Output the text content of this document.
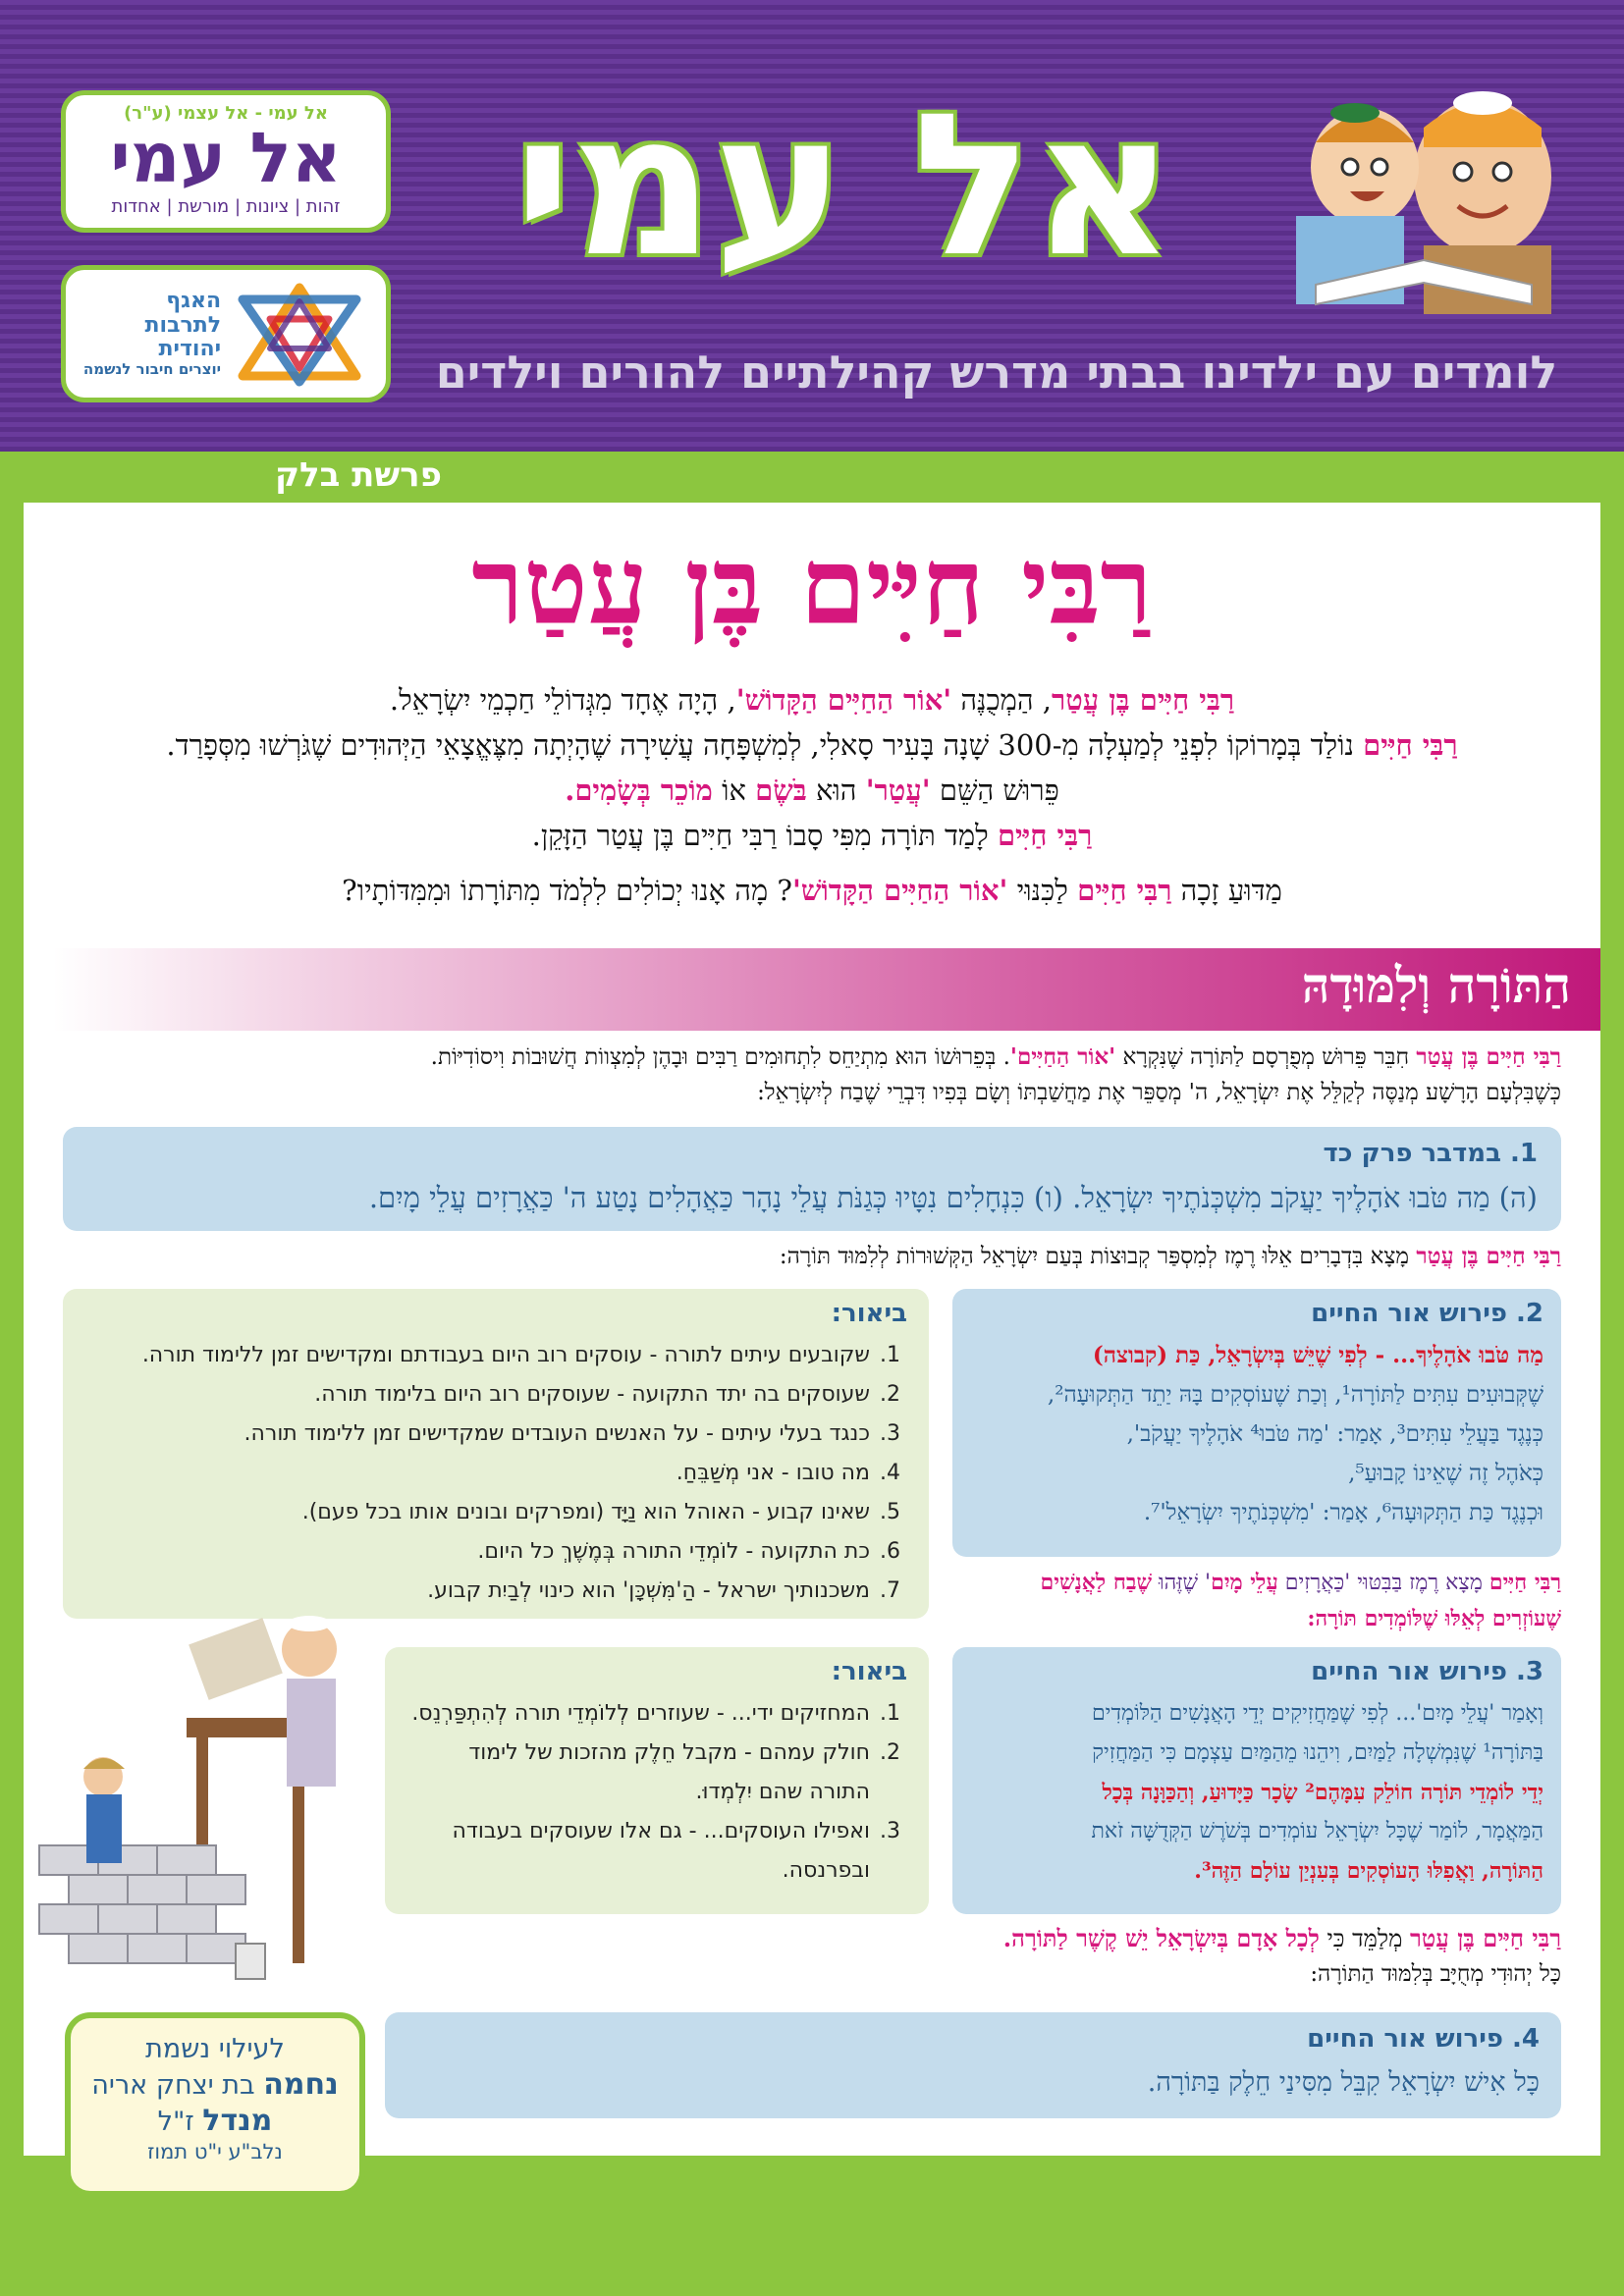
אל עמי - אל עצמי (ע"ר)
אל עמי
זהות | ציונות | מורשת | אחדות
האגף
לתרבות
יהודית
יוצרים חיבור לנשמה
אל עמי
לומדים עם ילדינו בבתי מדרש קהילתיים להורים וילדים
פרשת בלק
רַבִּי חַיִּים בֶּן עֲטַר

רַבִּי חַיִּים בֶּן עֲטַר, הַמְכֻנֶּה 'אוֹר הַחַיִּים הַקָּדוֹשׁ', הָיָה אֶחָד מִגְּדוֹלֵי חַכְמֵי יִשְׂרָאֵל.

רַבִּי חַיִּים נוֹלַד בְּמָרוֹקוֹ לִפְנֵי לְמַעְלָה מִ-300 שָׁנָה בָּעִיר סָאלִי, לְמִשְׁפָּחָה עֲשִׁירָה שֶׁהָיְתָה מִצֶּאֱצָאֵי הַיְּהוּדִים שֶׁגֹּרְשׁוּ מִסְּפָרַד.

פֵּרוּשׁ הַשֵּׁם 'עֲטַר' הוּא בֹּשֶׂם אוֹ מוֹכֵר בְּשָׂמִים.

רַבִּי חַיִּים לָמַד תּוֹרָה מִפִּי סָבוֹ רַבִּי חַיִּים בֶּן עֲטַר הַזָּקֵן.

מַדּוּעַ זָכָה רַבִּי חַיִּים לַכִּנּוּי 'אוֹר הַחַיִּים הַקָּדוֹשׁ'? מָה אָנוּ יְכוֹלִים לִלְמֹד מִתּוֹרָתוֹ וּמִמִּדּוֹתָיו?

הַתּוֹרָה וְלִמּוּדָהּ
רַבִּי חַיִּים בֶּן עֲטַר חִבֵּר פֵּרוּשׁ מְפֻרְסָם לַתּוֹרָה שֶׁנִּקְרָא 'אוֹר הַחַיִּים'. בְּפֵרוּשׁוֹ הוּא מִתְיַחֵס לִתְחוּמִים רַבִּים וּבָהֶן לְמִצְווֹת חֲשׁוּבוֹת וִיסוֹדִיּוֹת.
כְּשֶׁבִּלְעָם הָרָשָׁע מְנַסֶּה לְקַלֵּל אֶת יִשְׂרָאֵל, ה' מְסַפֵּר אֶת מַחֲשַׁבְתּוֹ וְשָׂם בְּפִיו דִּבְרֵי שֶׁבַח לְיִשְׂרָאֵל:
1. במדבר פרק כד
(ה) מַה טֹּבוּ אֹהָלֶיךָ יַעֲקֹב מִשְׁכְּנֹתֶיךָ יִשְׂרָאֵל. (ו) כִּנְחָלִים נִטָּיוּ כְּגַנֹּת עֲלֵי נָהָר כַּאֲהָלִים נָטַע ה' כַּאֲרָזִים עֲלֵי מָיִם.
רַבִּי חַיִּים בֶּן עֲטַר מָצָא בִּדְבָרִים אֵלּוּ רֶמֶז לְמִסְפַּר קְבוּצוֹת בְּעַם יִשְׂרָאֵל הַקְּשׁוּרוֹת לְלִמּוּד תּוֹרָה:
2. פירוש אור החיים
מַה טֹּבוּ אֹהָלֶיךָ... - לְפִי שֶׁיֵּשׁ בְּיִשְׂרָאֵל, כַּת (קבוצה)
שֶׁקְּבוּעִים עִתִּים לַתּוֹרָה¹, וְכַת שֶׁעוֹסְקִים בָּהּ יַתֵד הַתְּקוּעָה²,
כְּנֶגֶד בַּעֲלֵי עִתִּים³, אָמַר: 'מַה טֹּבוּ⁴ אֹהָלֶיךָ יַעֲקֹב',
כְּאֹהֶל זֶה שֶׁאֵינוֹ קָבוּעַ⁵,
וּכְנֶגֶד כַּת הַתְּקוּעָה⁶, אָמַר: 'מִשְׁכְּנֹתֶיךָ יִשְׂרָאֵל'⁷.
ביאור:
1.
שקובעים עיתים לתורה - עוסקים רוב היום בעבודתם ומקדישים זמן ללימוד תורה.
2.
שעוסקים בה יתד התקועה - שעוסקים רוב היום בלימוד תורה.
3.
כנגד בעלי עיתים - על האנשים העובדים שמקדישים זמן ללימוד תורה.
4.
מה טובו - אני מְשַׁבֵּחַ.
5.
שאינו קבוע - האוהל הוא נַיָּד (ומפרקים ובונים אותו בכל פעם).
6.
כת התקועה - לוֹמְדֵי התורה בְּמֶשֶׁךְ כל היום.
7.
משכנותיך ישראל - הַ'מִּשְׁכָּן' הוא כינוי לְבַיִת קבוע.	רַבִּי חַיִּים מָצָא רֶמֶז בַּבִּטּוּי 'כַּאֲרָזִים עֲלֵי מָיִם' שֶׁזֶּהוּ שֶׁבַח לַאֲנָשִׁים
שֶׁעוֹזְרִים לְאֵלּוּ שֶׁלּוֹמְדִים תּוֹרָה:
3. פירוש אור החיים
וְאָמַר 'עֲלֵי מָיִם'... לְפִי שֶׁמַּחֲזִיקִים יְדֵי הָאֲנָשִׁים הַלּוֹמְדִים
בַּתּוֹרָה¹ שֶׁנִּמְשְׁלָה לַמַּיִם, וִיהֵנוּ מֵהַמַּיִם עַצְמָם כִּי הַמַּחֲזִיק
יְדֵי לוֹמְדֵי תּוֹרָה חוֹלֵק עִמָּהֶם² שָׂכָר כַּיָּדוּעַ, וְהַכַּוָּנָה בְּכָל
הַמַּאֲמָר, לוֹמַר שֶׁכָּל יִשְׂרָאֵל עוֹמְדִים בְּשֹׁרֶשׁ הַקְּדֻשָּׁה זֹאת
הַתּוֹרָה, וַאֲפִלּוּ הָעוֹסְקִים בְּעִנְיַן עוֹלָם הַזֶּה³.
ביאור:
1.
המחזיקים ידי... - שעוזרים לְלוֹמְדֵי תורה לְהִתְפַּרְנֵס.
2.
חולק עמהם - מקבל חֵלֶק מהזכות של לימוד התורה שהם יִלְמְדוּ.
3.
ואפילו העוסקים... - גם אלו שעוסקים בעבודה ובפרנסה.
רַבִּי חַיִּים בֶּן עֲטַר מְלַמֵּד כִּי לְכָל אָדָם בְּיִשְׂרָאֵל יֵשׁ קֶשֶׁר לַתּוֹרָה.
כָּל יְהוּדִי מְחֻיָּב בְּלִמּוּד הַתּוֹרָה:
4. פירוש אור החיים
כָּל אִישׁ יִשְׂרָאֵל קִבֵּל מִסִּינַי חֵלֶק בַּתּוֹרָה.
לעילוי נשמת
נחמה בת יצחק אריה
מנדל ז"ל
נלב"ע י"ט תמוז
